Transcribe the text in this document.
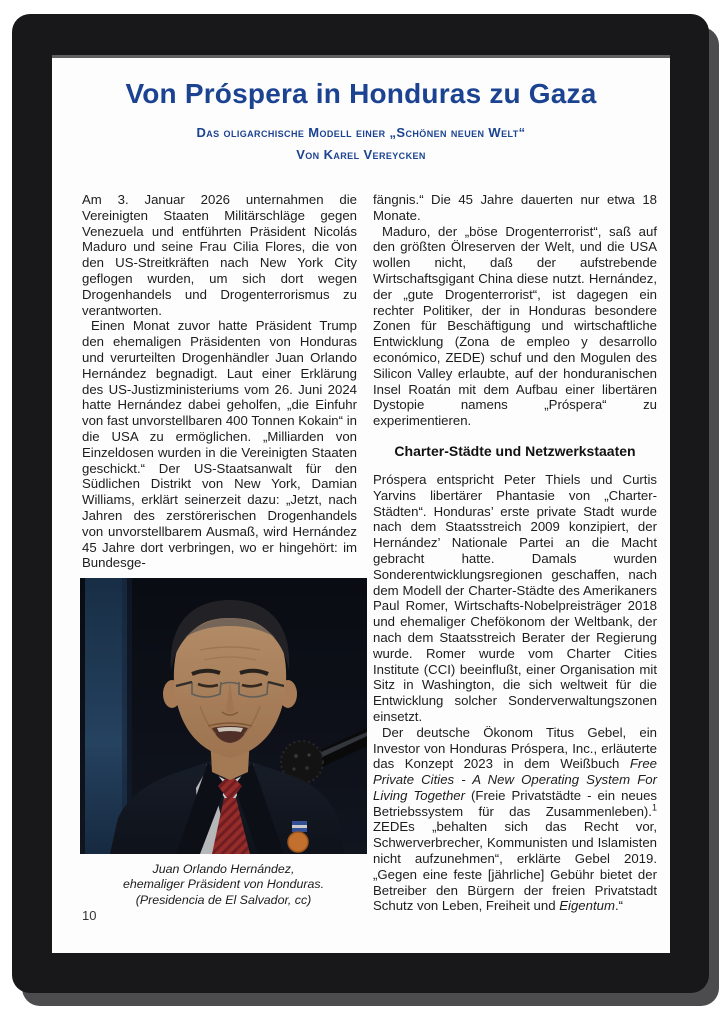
Von Próspera in Honduras zu Gaza
Das oligarchische Modell einer „Schönen neuen Welt“
Von Karel Vereycken

Am 3. Januar 2026 unternahmen die Vereinigten Staaten Militärschläge gegen Venezuela und entführten Präsident Nicolás Maduro und seine Frau Cilia Flores, die von den US-Streitkräften nach New York City geflogen wurden, um sich dort wegen Drogenhandels und Drogenterrorismus zu verantworten.

Einen Monat zuvor hatte Präsident Trump den ehemaligen Präsidenten von Honduras und verurteilten Drogenhändler Juan Orlando Hernández begnadigt. Laut einer Erklärung des US-Justizministeriums vom 26. Juni 2024 hatte Hernández dabei geholfen, „die Einfuhr von fast unvorstellbaren 400 Tonnen Kokain“ in die USA zu ermöglichen. „Milliarden von Einzeldosen wurden in die Vereinigten Staaten geschickt.“ Der US-Staatsanwalt für den Südlichen Distrikt von New York, Damian Williams, erklärt seinerzeit dazu: „Jetzt, nach Jahren des zerstörerischen Drogenhandels von unvorstellbarem Ausmaß, wird Hernández 45 Jahre dort verbringen, wo er hingehört: im Bundesge-

Juan Orlando Hernández,
ehemaliger Präsident von Honduras.
(Presidencia de El Salvador, cc)

fängnis.“ Die 45 Jahre dauerten nur etwa 18 Monate.

Maduro, der „böse Drogenterrorist“, saß auf den größten Ölreserven der Welt, und die USA wollen nicht, daß der aufstrebende Wirtschaftsgigant China diese nutzt. Hernández, der „gute Drogenterrorist“, ist dagegen ein rechter Politiker, der in Honduras besondere Zonen für Beschäftigung und wirtschaftliche Entwicklung (Zona de empleo y desarrollo económico, ZEDE) schuf und den Mogulen des Silicon Valley erlaubte, auf der honduranischen Insel Roatán mit dem Aufbau einer libertären Dystopie namens „Próspera“ zu experimentieren.

Charter-Städte und Netzwerkstaaten

Próspera entspricht Peter Thiels und Curtis Yarvins libertärer Phantasie von „Charter-Städten“. Honduras’ erste private Stadt wurde nach dem Staatsstreich 2009 konzipiert, der Hernández’ Nationale Partei an die Macht gebracht hatte. Damals wurden Sonderentwicklungsregionen geschaffen, nach dem Modell der Charter-Städte des Amerikaners Paul Romer, Wirtschafts-Nobelpreisträger 2018 und ehemaliger Chefökonom der Weltbank, der nach dem Staatsstreich Berater der Regierung wurde. Romer wurde vom Charter Cities Institute (CCI) beeinflußt, einer Organisation mit Sitz in Washington, die sich weltweit für die Entwicklung solcher Sonderverwaltungszonen einsetzt.

Der deutsche Ökonom Titus Gebel, ein Investor von Honduras Próspera, Inc., erläuterte das Konzept 2023 in dem Weißbuch Free Private Cities - A New Operating System For Living Together (Freie Privatstädte - ein neues Betriebssystem für das Zusammenleben).$^1$ ZEDEs „behalten sich das Recht vor, Schwerverbrecher, Kommunisten und Islamisten nicht aufzunehmen“, erklärte Gebel 2019. „Gegen eine feste [jährliche] Gebühr bietet der Betreiber den Bürgern der freien Privatstadt Schutz von Leben, Freiheit und Eigentum.“

10
